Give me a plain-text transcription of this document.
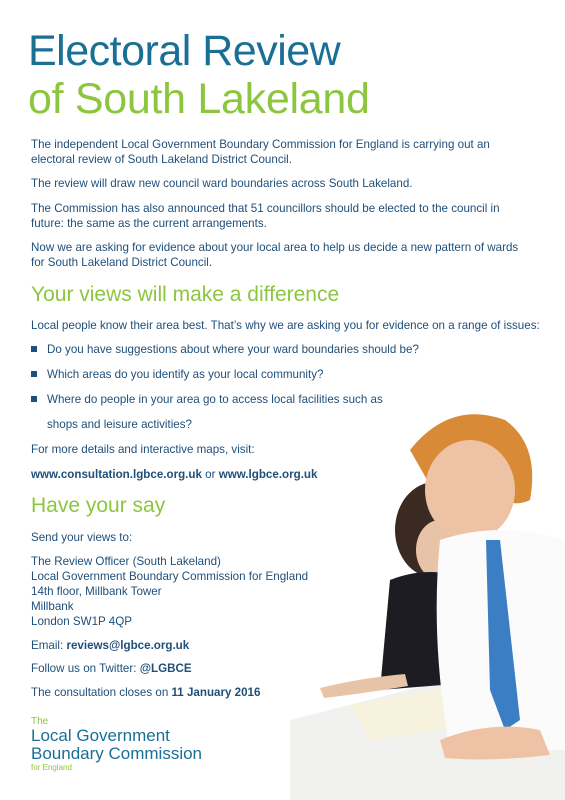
Electoral Review
of South Lakeland
The independent Local Government Boundary Commission for England is carrying out an electoral review of South Lakeland District Council.
The review will draw new council ward boundaries across South Lakeland.
The Commission has also announced that 51 councillors should be elected to the council in future: the same as the current arrangements.
Now we are asking for evidence about your local area to help us decide a new pattern of wards for South Lakeland District Council.
Your views will make a difference
Local people know their area best. That’s why we are asking you for evidence on a range of issues:
Do you have suggestions about where your ward boundaries should be?
Which areas do you identify as your local community?
Where do people in your area go to access local facilities such as
shops and leisure activities?
For more details and interactive maps, visit:
www.consultation.lgbce.org.uk or www.lgbce.org.uk
Have your say
Send your views to:
The Review Officer (South Lakeland)
Local Government Boundary Commission for England
14th floor, Millbank Tower
Millbank
London SW1P 4QP
Email: reviews@lgbce.org.uk
Follow us on Twitter: @LGBCE
The consultation closes on 11 January 2016
The
Local Government
Boundary Commission
for England
